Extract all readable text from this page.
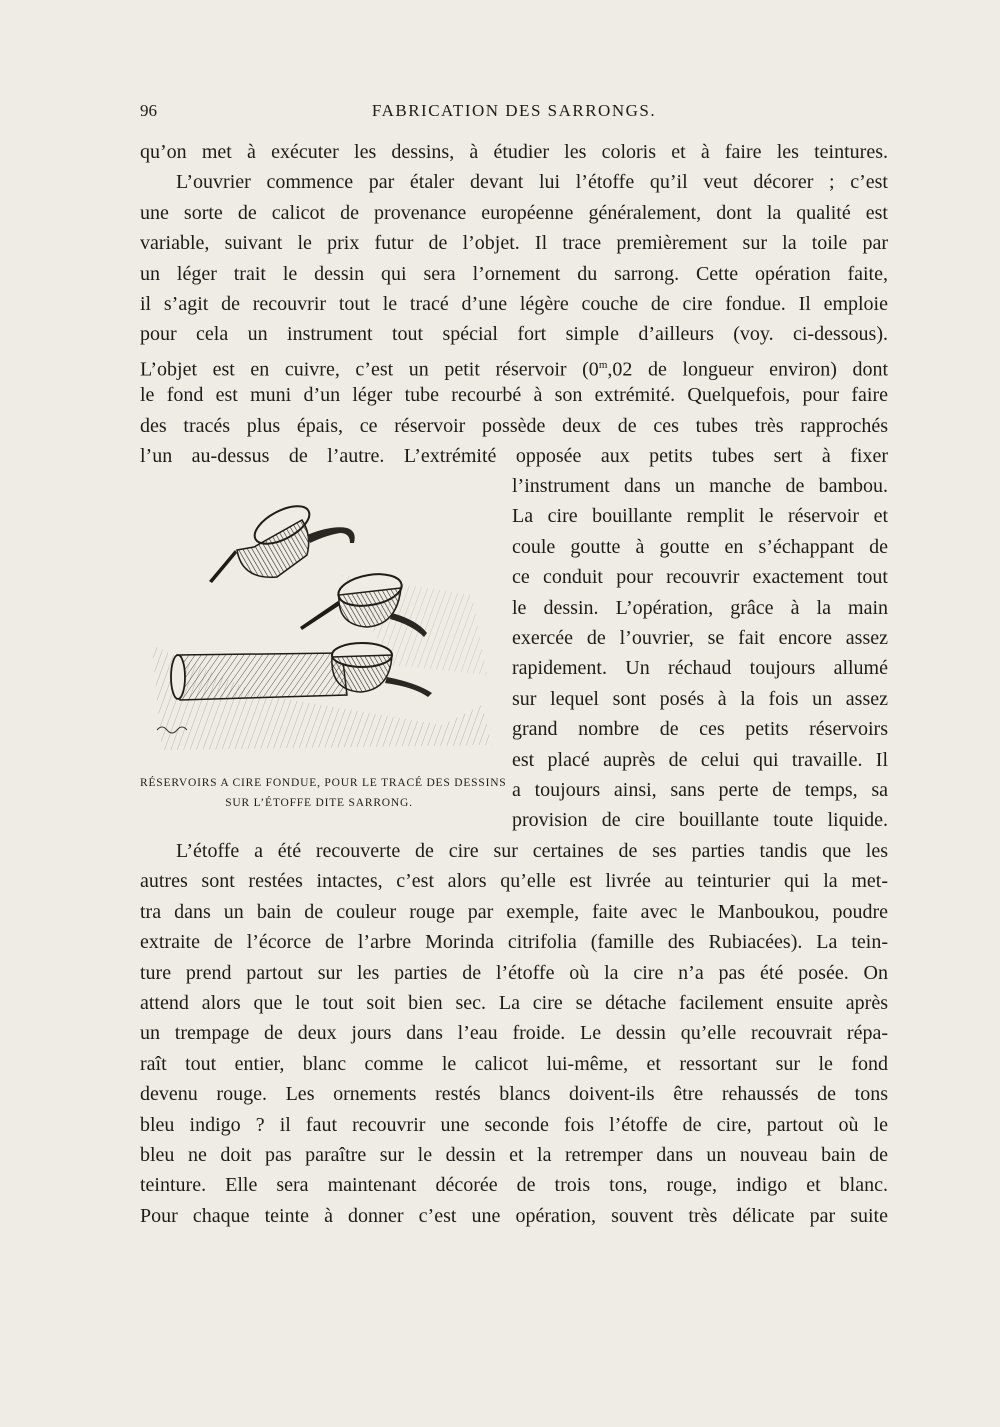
96	FABRICATION DES SARRONGS.
qu’on met à exécuter les dessins, à étudier les coloris et à faire les teintures.
L’ouvrier commence par étaler devant lui l’étoffe qu’il veut décorer ; c’est
une sorte de calicot de provenance européenne généralement, dont la qualité est
variable, suivant le prix futur de l’objet. Il trace premièrement sur la toile par
un léger trait le dessin qui sera l’ornement du sarrong. Cette opération faite,
il s’agit de recouvrir tout le tracé d’une légère couche de cire fondue. Il emploie
pour cela un instrument tout spécial fort simple d’ailleurs (voy. ci-dessous).
L’objet est en cuivre, c’est un petit réservoir (0$^m$,02 de longueur environ) dont
le fond est muni d’un léger tube recourbé à son extrémité. Quelquefois, pour faire
des tracés plus épais, ce réservoir possède deux de ces tubes très rapprochés
l’un au-dessus de l’autre. L’extrémité opposée aux petits tubes sert à fixer
l’instrument dans un manche de bambou.
La cire bouillante remplit le réservoir et
coule goutte à goutte en s’échappant de
ce conduit pour recouvrir exactement tout
le dessin. L’opération, grâce à la main
exercée de l’ouvrier, se fait encore assez
rapidement. Un réchaud toujours allumé
sur lequel sont posés à la fois un assez
grand nombre de ces petits réservoirs
est placé auprès de celui qui travaille. Il
a toujours ainsi, sans perte de temps, sa
provision de cire bouillante toute liquide.
RÉSERVOIRS A CIRE FONDUE, POUR LE TRACÉ DES DESSINS
SUR L’ÉTOFFE DITE SARRONG.
L’étoffe a été recouverte de cire sur certaines de ses parties tandis que les
autres sont restées intactes, c’est alors qu’elle est livrée au teinturier qui la met-
tra dans un bain de couleur rouge par exemple, faite avec le Manboukou, poudre
extraite de l’écorce de l’arbre Morinda citrifolia (famille des Rubiacées). La tein-
ture prend partout sur les parties de l’étoffe où la cire n’a pas été posée. On
attend alors que le tout soit bien sec. La cire se détache facilement ensuite après
un trempage de deux jours dans l’eau froide. Le dessin qu’elle recouvrait répa-
raît tout entier, blanc comme le calicot lui-même, et ressortant sur le fond
devenu rouge. Les ornements restés blancs doivent-ils être rehaussés de tons
bleu indigo ? il faut recouvrir une seconde fois l’étoffe de cire, partout où le
bleu ne doit pas paraître sur le dessin et la retremper dans un nouveau bain de
teinture. Elle sera maintenant décorée de trois tons, rouge, indigo et blanc.
Pour chaque teinte à donner c’est une opération, souvent très délicate par suite
